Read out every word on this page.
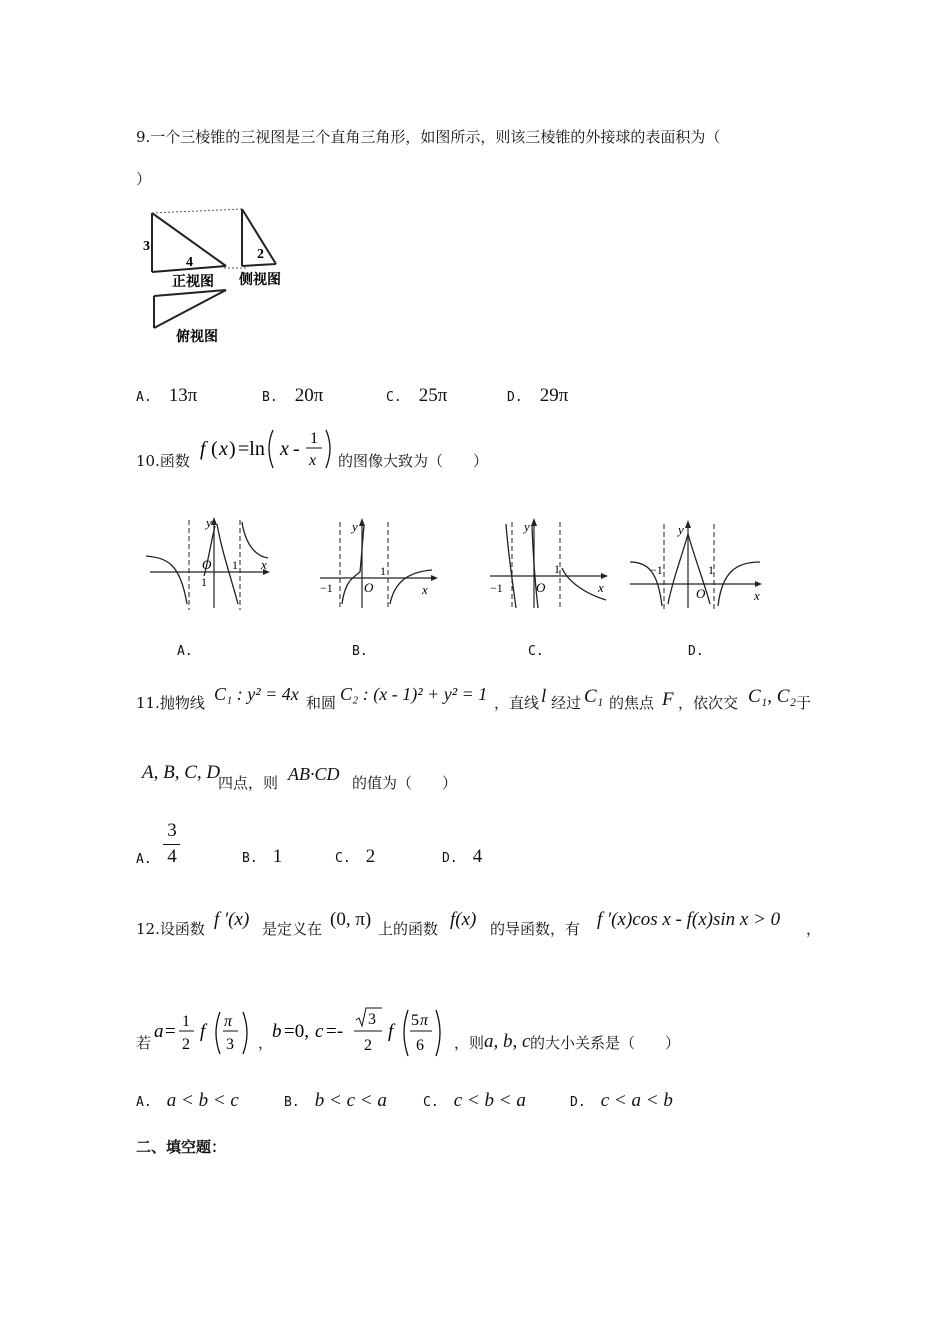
9.一个三棱锥的三视图是三个直角三角形，如图所示，则该三棱锥的外接球的表面积为（
）
3
4
2
正视图 侧视图
俯视图
A. 13π	B. 20π	C. 25π	D. 29π
10.函数
f ( x ) =ln x - 1
x 的图像大致为（　　）
y
x
O
1
1
y
x
O
−1
1
y
x
O
−1
1
y
x
O
−1	1
A.	B.	C.	D.
11.抛物线 C₁ : y² = 4x 和圆 C₂ : (x - 1)² + y² = 1 ，直线 l 经过 C₁ 的焦点 F ，依次交 C₁, C₂ 于
A, B, C, D
四点，则 AB·CD 的值为（　　）
A.
3
4	B. 1	C. 2	D. 4
12.设函数 f ′(x) 是定义在 (0, π) 上的函数 f(x) 的导函数，有 f ′(x)cos x - f(x)sin x > 0 ，
若
a = 1
2
f π
3 ，
b =0, c =-
3
2
f
5 π
6 ，则 a, b, c 的大小关系是（　　）
A. a < b < c	B. b < c < a	C. c < b < a	D. c < a < b
二、填空题：
